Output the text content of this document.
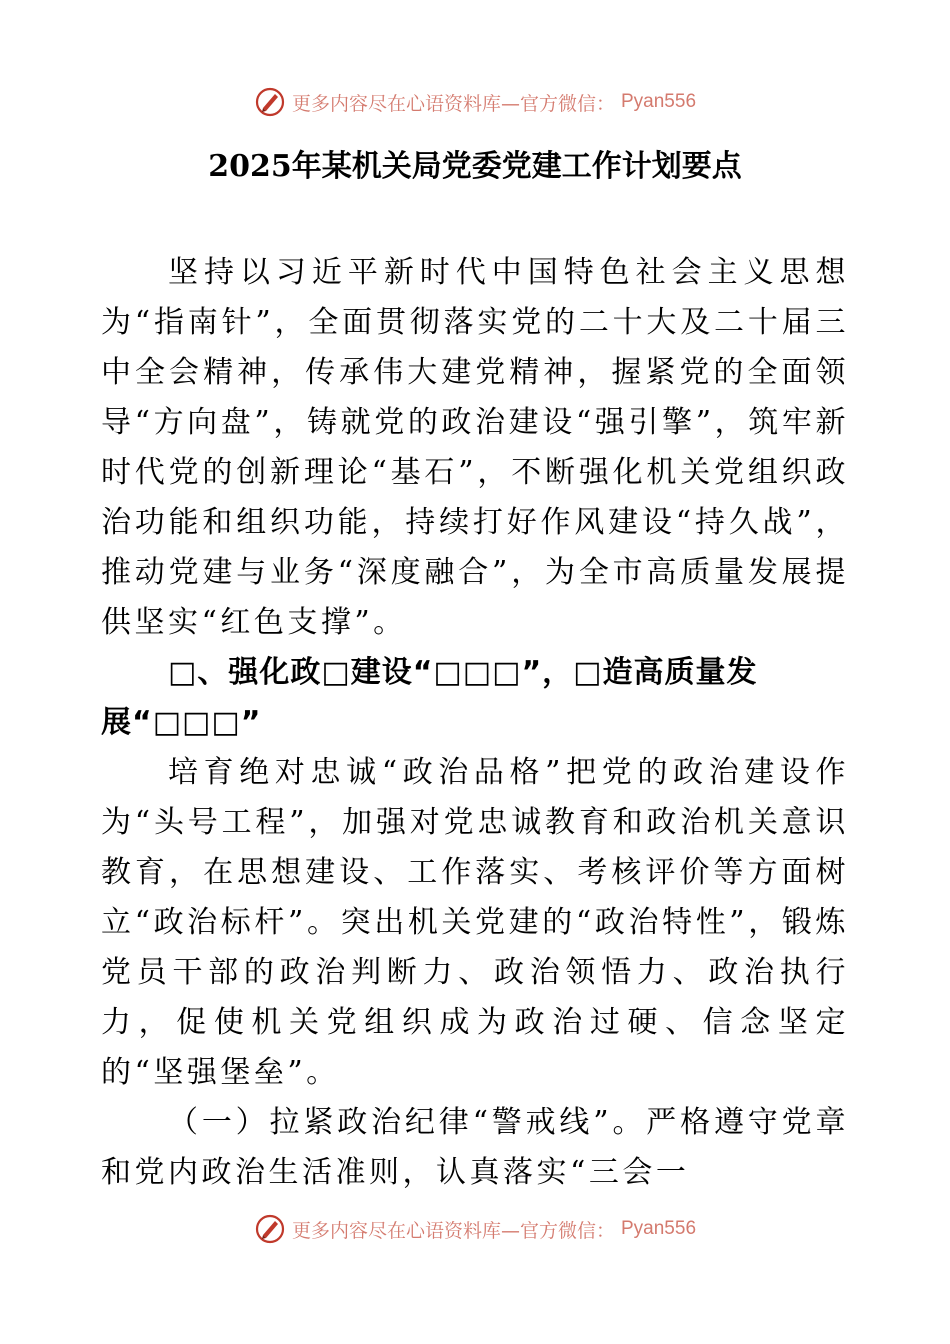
更多内容尽在心语资料库—官方微信： Pyan556
2025年某机关局党委党建工作计划要点

坚持以习近平新时代中国特色社会主义思想为“指南针”，全面贯彻落实党的二十大及二十届三中全会精神，传承伟大建党精神，握紧党的全面领导“方向盘”，铸就党的政治建设“强引擎”，筑牢新时代党的创新理论“基石”，不断强化机关党组织政治功能和组织功能，持续打好作风建设“持久战”，推动党建与业务“深度融合”，为全市高质量发展提供坚实“红色支撑”。

□、强化政□建设“□□□”，□造高质量发展“□□□”

培育绝对忠诚“政治品格”把党的政治建设作为“头号工程”，加强对党忠诚教育和政治机关意识教育，在思想建设、工作落实、考核评价等方面树立“政治标杆”。突出机关党建的“政治特性”，锻炼党员干部的政治判断力、政治领悟力、政治执行力，促使机关党组织成为政治过硬、信念坚定的“坚强堡垒”。

（一）拉紧政治纪律“警戒线”。严格遵守党章和党内政治生活准则，认真落实“三会一

更多内容尽在心语资料库—官方微信： Pyan556
